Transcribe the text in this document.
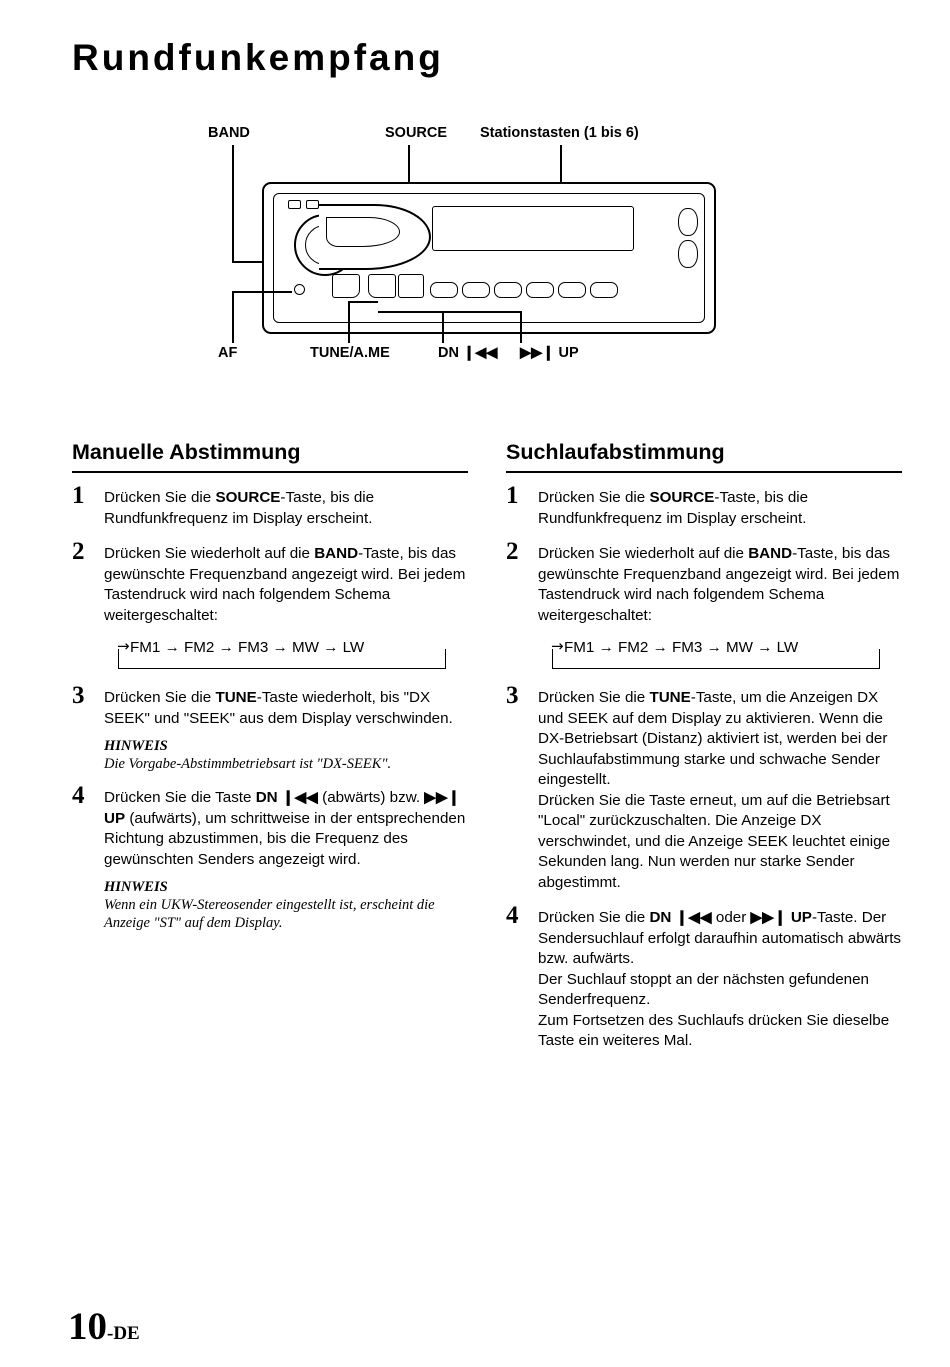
Rundfunkempfang
BAND	SOURCE Stationstasten (1 bis 6)
AF	TUNE/A.ME	DN ❙◀◀ ▶▶❙ UP
Manuelle Abstimmung
1 Drücken Sie die SOURCE-Taste, bis die Rundfunkfrequenz im Display erscheint.
2 Drücken Sie wiederholt auf die BAND-Taste, bis das gewünschte Frequenzband angezeigt wird. Bei jedem Tastendruck wird nach folgendem Schema weitergeschaltet:
→ FM1 → FM2 → FM3 → MW → LW
3 Drücken Sie die TUNE-Taste wiederholt, bis "DX SEEK" und "SEEK" aus dem Display verschwinden.
HINWEIS
Die Vorgabe-Abstimmbetriebsart ist "DX-SEEK".
4 Drücken Sie die Taste DN ❙◀◀ (abwärts) bzw. ▶▶❙ UP (aufwärts), um schrittweise in der entsprechenden Richtung abzustimmen, bis die Frequenz des gewünschten Senders angezeigt wird.
HINWEIS
Wenn ein UKW-Stereosender eingestellt ist, erscheint die Anzeige "ST" auf dem Display.
Suchlaufabstimmung
1 Drücken Sie die SOURCE-Taste, bis die Rundfunkfrequenz im Display erscheint.
2 Drücken Sie wiederholt auf die BAND-Taste, bis das gewünschte Frequenzband angezeigt wird. Bei jedem Tastendruck wird nach folgendem Schema weitergeschaltet:
→ FM1 → FM2 → FM3 → MW → LW
3 Drücken Sie die TUNE-Taste, um die Anzeigen DX und SEEK auf dem Display zu aktivieren. Wenn die DX-Betriebsart (Distanz) aktiviert ist, werden bei der Suchlaufabstimmung starke und schwache Sender eingestellt.
Drücken Sie die Taste erneut, um auf die Betriebsart "Local" zurückzuschalten. Die Anzeige DX verschwindet, und die Anzeige SEEK leuchtet einige Sekunden lang. Nun werden nur starke Sender abgestimmt.
4 Drücken Sie die DN ❙◀◀ oder ▶▶❙ UP-Taste. Der Sendersuchlauf erfolgt daraufhin automatisch abwärts bzw. aufwärts.
Der Suchlauf stoppt an der nächsten gefundenen Senderfrequenz.
Zum Fortsetzen des Suchlaufs drücken Sie dieselbe Taste ein weiteres Mal.
10-DE
